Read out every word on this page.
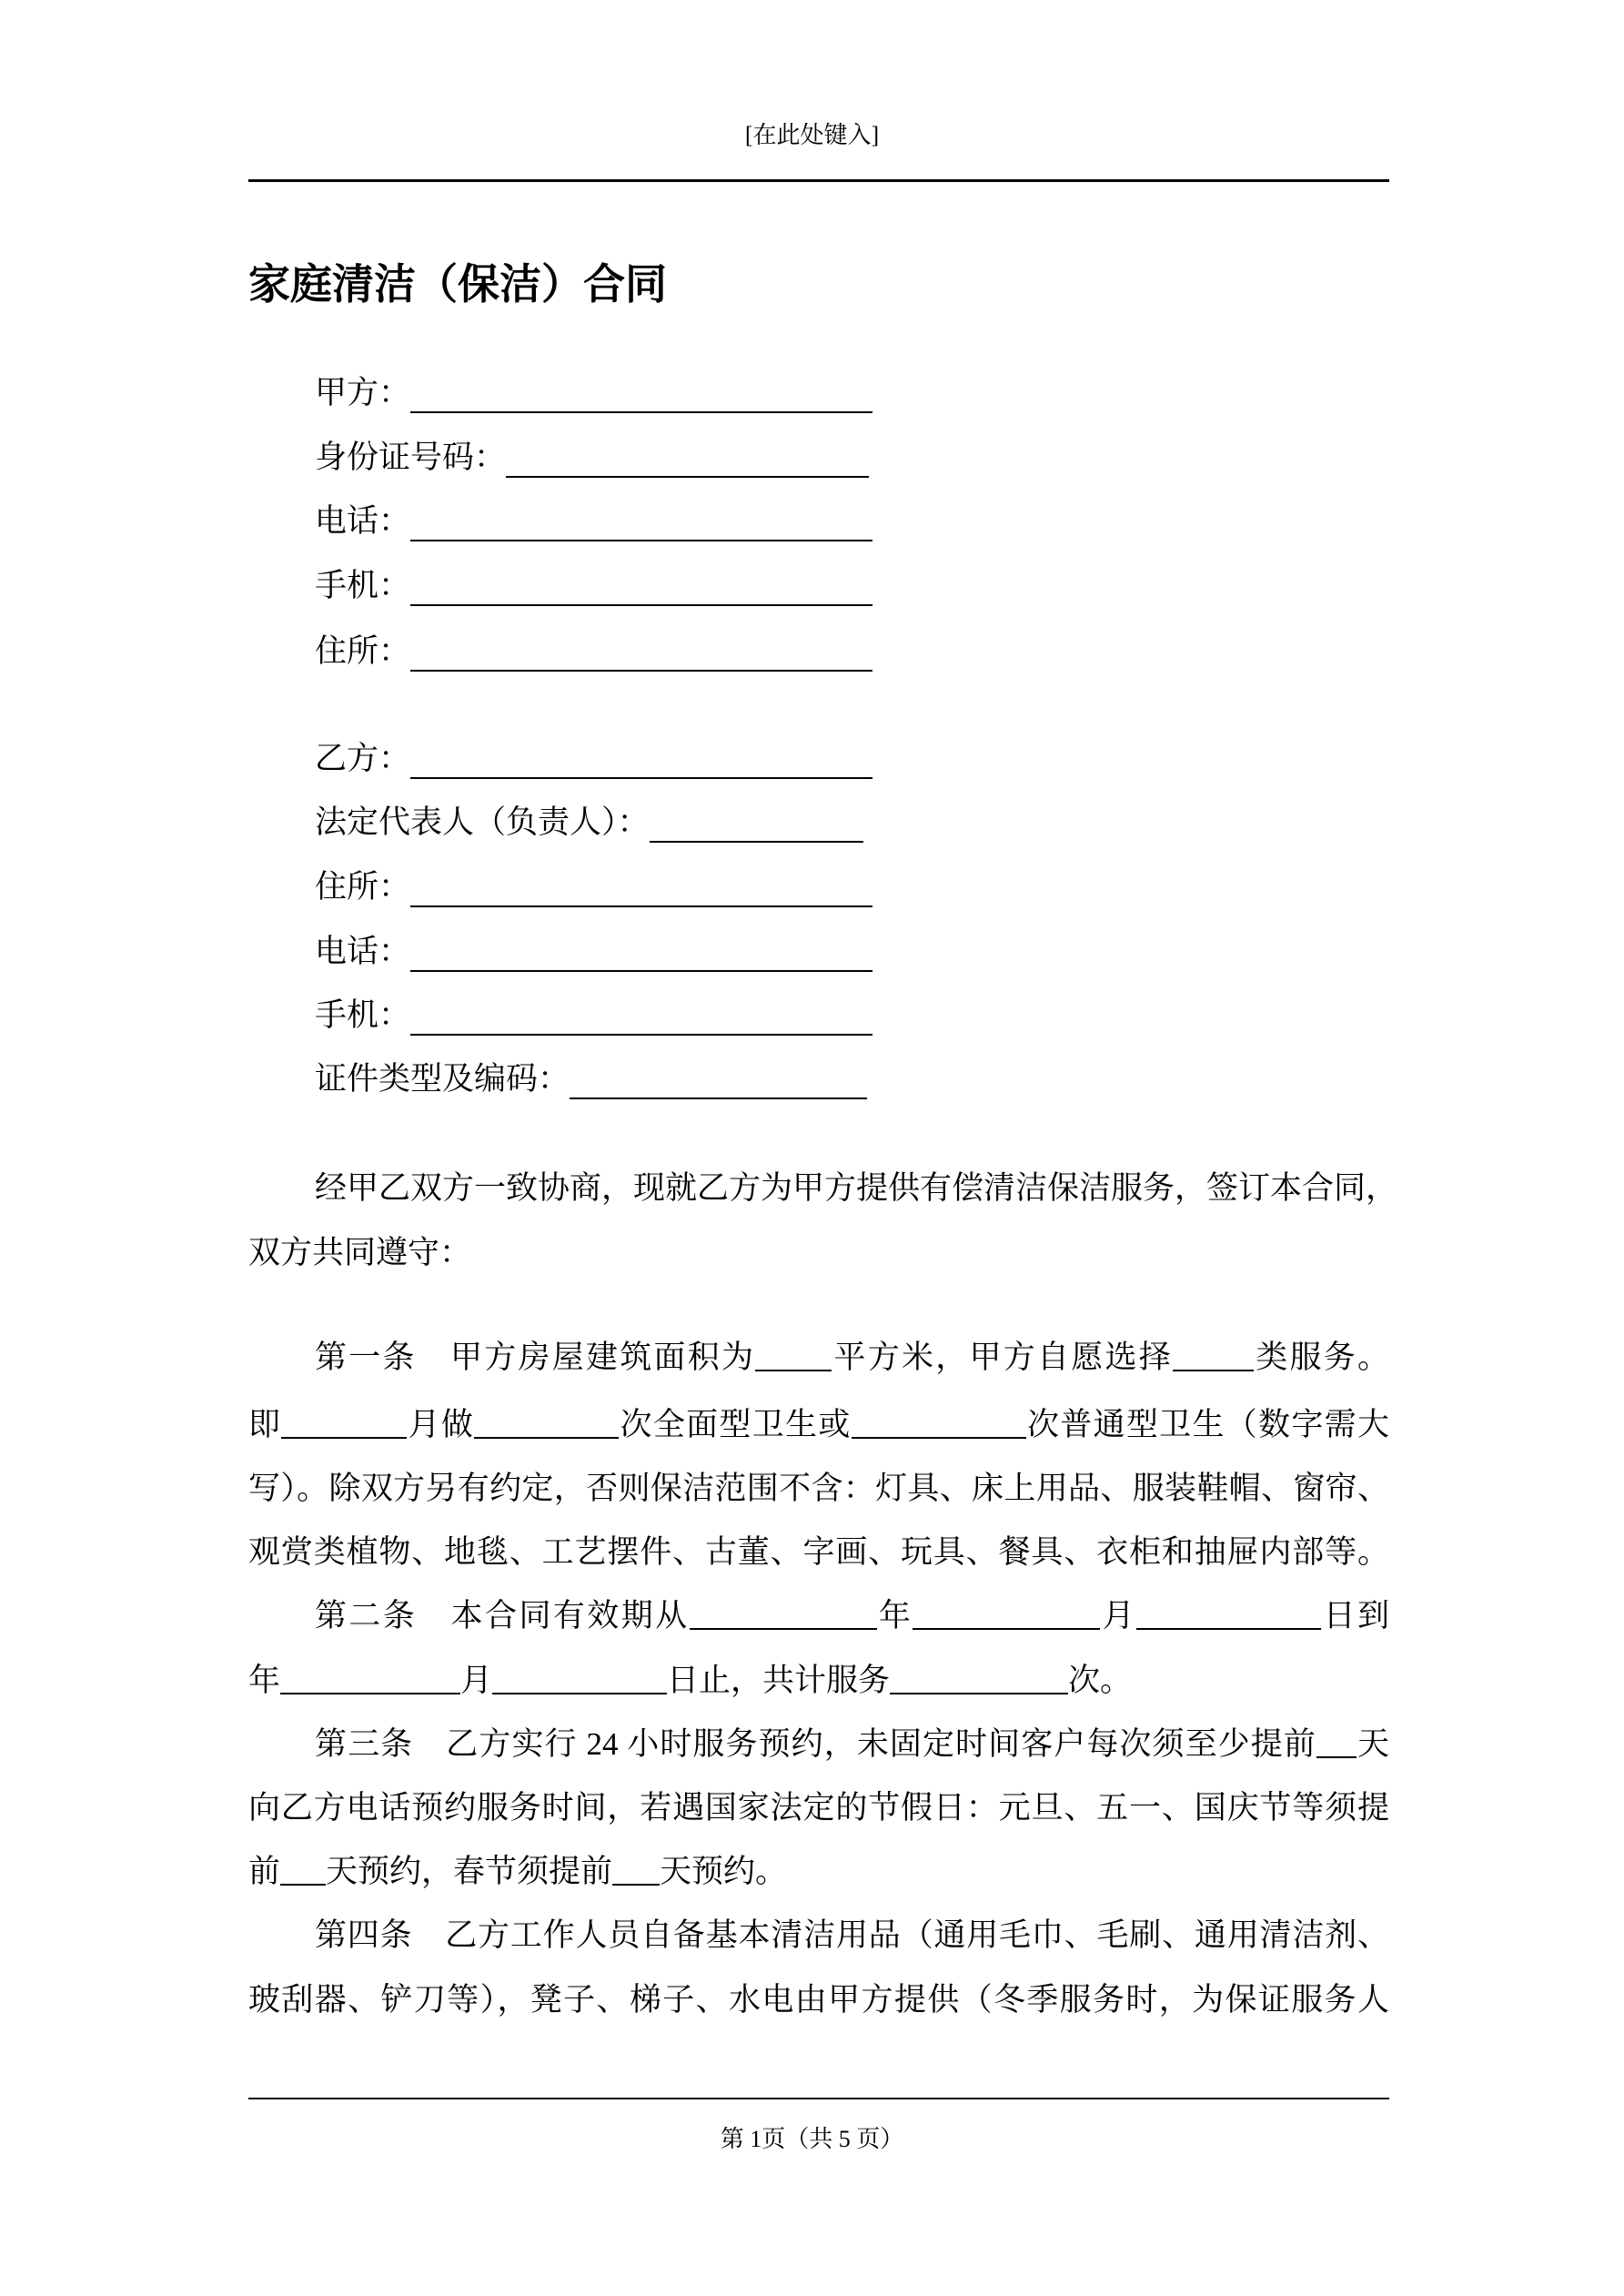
[在此处键入]
家庭清洁（保洁）合同
甲方：
身份证号码：
电话：
手机：
住所：
乙方：
法定代表人（负责人）：
住所：
电话：
手机：
证件类型及编码：
经甲乙双方一致协商，现就乙方为甲方提供有偿清洁保洁服务，签订本合同，
双方共同遵守：
第一条　甲方房屋建筑面积为 平方米，甲方自愿选择	类服务。
即	月做	次全面型卫生或	次普通型卫生（数字需大
写）。除双方另有约定，否则保洁范围不含：灯具、床上用品、服装鞋帽、窗帘、
观赏类植物、地毯、工艺摆件、古董、字画、玩具、餐具、衣柜和抽屉内部等。
第二条　本合同有效期从	年	月	日到
年	月	日止，共计服务	次。
第三条　乙方实行 24 小时服务预约，未固定时间客户每次须至少提前 天
向乙方电话预约服务时间，若遇国家法定的节假日：元旦、五一、国庆节等须提
前 天预约，春节须提前 天预约。
第四条　乙方工作人员自备基本清洁用品（通用毛巾、毛刷、通用清洁剂、
玻刮器、铲刀等），凳子、梯子、水电由甲方提供（冬季服务时，为保证服务人
第 1页（共 5 页）
